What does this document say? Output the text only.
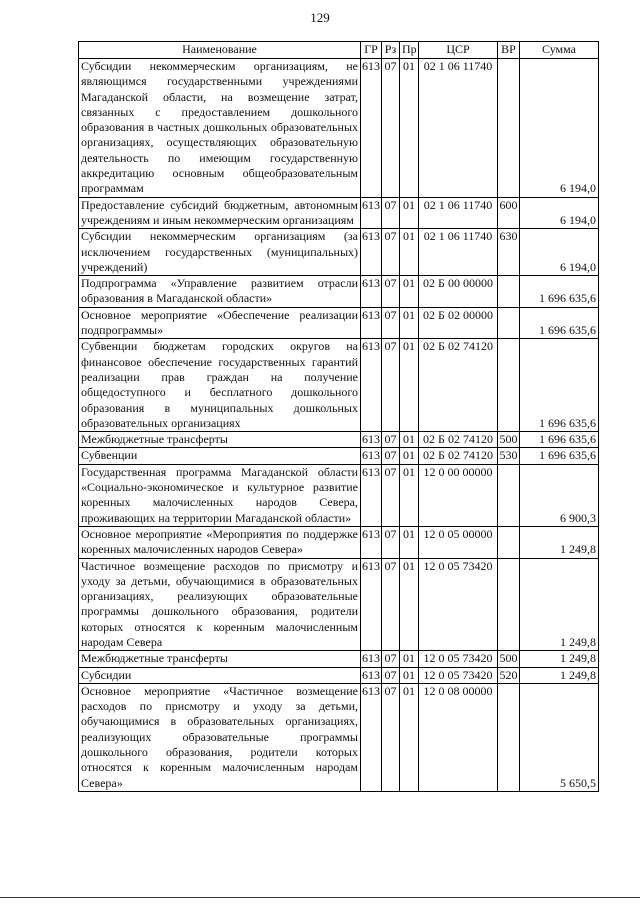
129
Наименование	ГР	Рз	Пр	ЦСР	ВР	Сумма
Субсидии некоммерческим организациям, не являющимся государственными учреждениями Магаданской области, на возмещение затрат, связанных с предоставлением дошкольного образования в частных дошкольных образовательных организациях, осуществляющих образовательную деятельность по имеющим государственную аккредитацию основным общеобразовательным программам	613	07	01	02 1 06 11740		6 194,0
Предоставление субсидий бюджетным, автономным учреждениям и иным некоммерческим организациям	613	07	01	02 1 06 11740	600	6 194,0
Субсидии некоммерческим организациям (за исключением государственных (муниципальных) учреждений)	613	07	01	02 1 06 11740	630	6 194,0
Подпрограмма «Управление развитием отрасли образования в Магаданской области»	613	07	01	02 Б 00 00000		1 696 635,6
Основное мероприятие «Обеспечение реализации подпрограммы»	613	07	01	02 Б 02 00000		1 696 635,6
Субвенции бюджетам городских округов на финансовое обеспечение государственных гарантий реализации прав граждан на получение общедоступного и бесплатного дошкольного образования в муниципальных дошкольных образовательных организациях	613	07	01	02 Б 02 74120		1 696 635,6
Межбюджетные трансферты	613	07	01	02 Б 02 74120	500	1 696 635,6
Субвенции	613	07	01	02 Б 02 74120	530	1 696 635,6
Государственная программа Магаданской области «Социально-экономическое и культурное развитие коренных малочисленных народов Севера, проживающих на территории Магаданской области»	613	07	01	12 0 00 00000		6 900,3
Основное мероприятие «Мероприятия по поддержке коренных малочисленных народов Севера»	613	07	01	12 0 05 00000		1 249,8
Частичное возмещение расходов по присмотру и уходу за детьми, обучающимися в образовательных организациях, реализующих образовательные программы дошкольного образования, родители которых относятся к коренным малочисленным народам Севера	613	07	01	12 0 05 73420		1 249,8
Межбюджетные трансферты	613	07	01	12 0 05 73420	500	1 249,8
Субсидии	613	07	01	12 0 05 73420	520	1 249,8
Основное мероприятие «Частичное возмещение расходов по присмотру и уходу за детьми, обучающимися в образовательных организациях, реализующих образовательные программы дошкольного образования, родители которых относятся к коренным малочисленным народам Севера»	613	07	01	12 0 08 00000		5 650,5
